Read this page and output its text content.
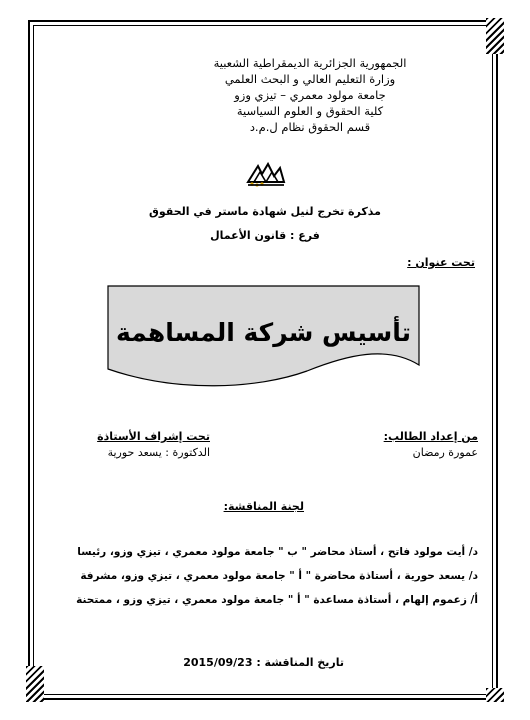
الجمهورية الجزائرية الديمقراطية الشعبية
وزارة التعليم العالي و البحث العلمي
جامعة مولود معمري – تيزي وزو
كلية الحقوق و العلوم السياسية
قسم الحقوق نظام ل.م.د
مذكرة تخرج لنيل شهادة ماستر في الحقوق
فرع : قانون الأعمال
تحت عنوان :
تأسيس شركة المساهمة
من إعداد الطالب:
عمورة رمضان
تحت إشراف الأستاذة
الدكتورة : يسعد حورية
لجنة المناقشة:
د/ أيت مولود فاتح ، أستاذ محاضر " ب " جامعة مولود معمري ، تيزي وزو، رئيسا
د/ يسعد حورية ، أستاذة محاضرة " أ " جامعة مولود معمري ، تيزي وزو، مشرفة
أ/ زعموم إلهام ، أستاذة مساعدة " أ " جامعة مولود معمري ، تيزي وزو ، ممتحنة
تاريخ المناقشة : 2015/09/23
